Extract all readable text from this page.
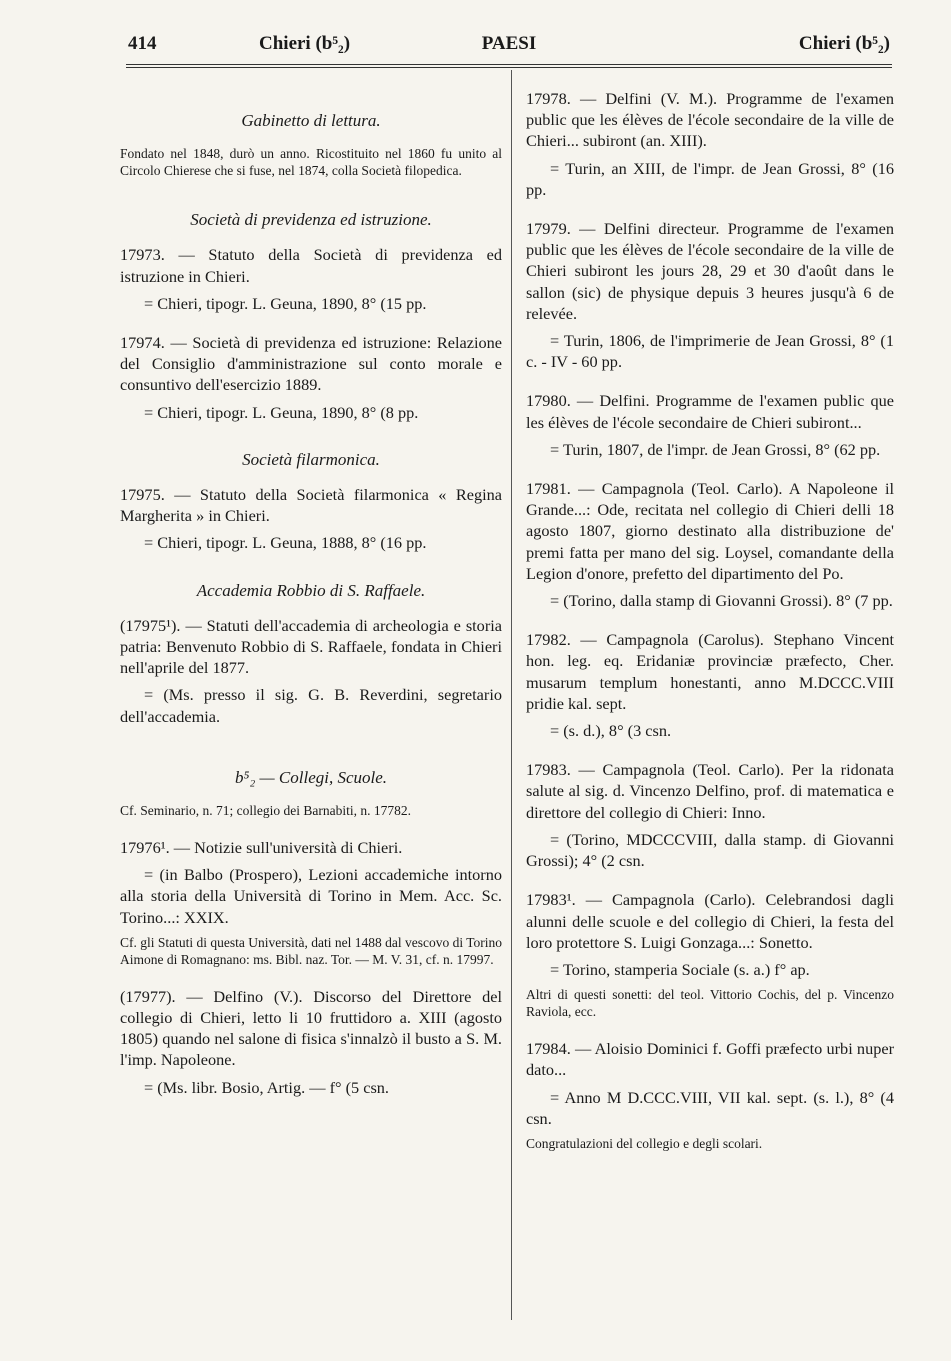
414	Chieri (b⁵₂)	PAESI	Chieri (b⁵₂)

Gabinetto di lettura.

Fondato nel 1848, durò un anno. Ricostituito nel 1860 fu unito al Circolo Chierese che si fuse, nel 1874, colla Società filopedica.

Società di previdenza ed istruzione.

17973. — Statuto della Società di previdenza ed istruzione in Chieri.

= Chieri, tipogr. L. Geuna, 1890, 8° (15 pp.

17974. — Società di previdenza ed istruzione: Relazione del Consiglio d'amministrazione sul conto morale e consuntivo dell'esercizio 1889.

= Chieri, tipogr. L. Geuna, 1890, 8° (8 pp.

Società filarmonica.

17975. — Statuto della Società filarmonica « Regina Margherita » in Chieri.

= Chieri, tipogr. L. Geuna, 1888, 8° (16 pp.

Accademia Robbio di S. Raffaele.

(17975¹). — Statuti dell'accademia di archeologia e storia patria: Benvenuto Robbio di S. Raffaele, fondata in Chieri nell'aprile del 1877.

= (Ms. presso il sig. G. B. Reverdini, segretario dell'accademia.

b⁵₂ — Collegi, Scuole.

Cf. Seminario, n. 71; collegio dei Barnabiti, n. 17782.

17976¹. — Notizie sull'università di Chieri.

= (in Balbo (Prospero), Lezioni accademiche intorno alla storia della Università di Torino in Mem. Acc. Sc. Torino...: XXIX.

Cf. gli Statuti di questa Università, dati nel 1488 dal vescovo di Torino Aimone di Romagnano: ms. Bibl. naz. Tor. — M. V. 31, cf. n. 17997.

(17977). — Delfino (V.). Discorso del Direttore del collegio di Chieri, letto li 10 fruttidoro a. XIII (agosto 1805) quando nel salone di fisica s'innalzò il busto a S. M. l'imp. Napoleone.

= (Ms. libr. Bosio, Artig. — f° (5 csn.

17978. — Delfini (V. M.). Programme de l'examen public que les élèves de l'école secondaire de la ville de Chieri... subiront (an. XIII).

= Turin, an XIII, de l'impr. de Jean Grossi, 8° (16 pp.

17979. — Delfini directeur. Programme de l'examen public que les élèves de l'école secondaire de la ville de Chieri subiront les jours 28, 29 et 30 d'août dans le sallon (sic) de physique depuis 3 heures jusqu'à 6 de relevée.

= Turin, 1806, de l'imprimerie de Jean Grossi, 8° (1 c. - IV - 60 pp.

17980. — Delfini. Programme de l'examen public que les élèves de l'école secondaire de Chieri subiront...

= Turin, 1807, de l'impr. de Jean Grossi, 8° (62 pp.

17981. — Campagnola (Teol. Carlo). A Napoleone il Grande...: Ode, recitata nel collegio di Chieri delli 18 agosto 1807, giorno destinato alla distribuzione de' premi fatta per mano del sig. Loysel, comandante della Legion d'onore, prefetto del dipartimento del Po.

= (Torino, dalla stamp di Giovanni Grossi). 8° (7 pp.

17982. — Campagnola (Carolus). Stephano Vincent hon. leg. eq. Eridaniæ provinciæ præfecto, Cher. musarum templum honestanti, anno M.DCCC.VIII pridie kal. sept.

= (s. d.), 8° (3 csn.

17983. — Campagnola (Teol. Carlo). Per la ridonata salute al sig. d. Vincenzo Delfino, prof. di matematica e direttore del collegio di Chieri: Inno.

= (Torino, MDCCCVIII, dalla stamp. di Giovanni Grossi); 4° (2 csn.

17983¹. — Campagnola (Carlo). Celebrandosi dagli alunni delle scuole e del collegio di Chieri, la festa del loro protettore S. Luigi Gonzaga...: Sonetto.

= Torino, stamperia Sociale (s. a.) f° ap.

Altri di questi sonetti: del teol. Vittorio Cochis, del p. Vincenzo Raviola, ecc.

17984. — Aloisio Dominici f. Goffi præfecto urbi nuper dato...

= Anno M D.CCC.VIII, VII kal. sept. (s. l.), 8° (4 csn.

Congratulazioni del collegio e degli scolari.
